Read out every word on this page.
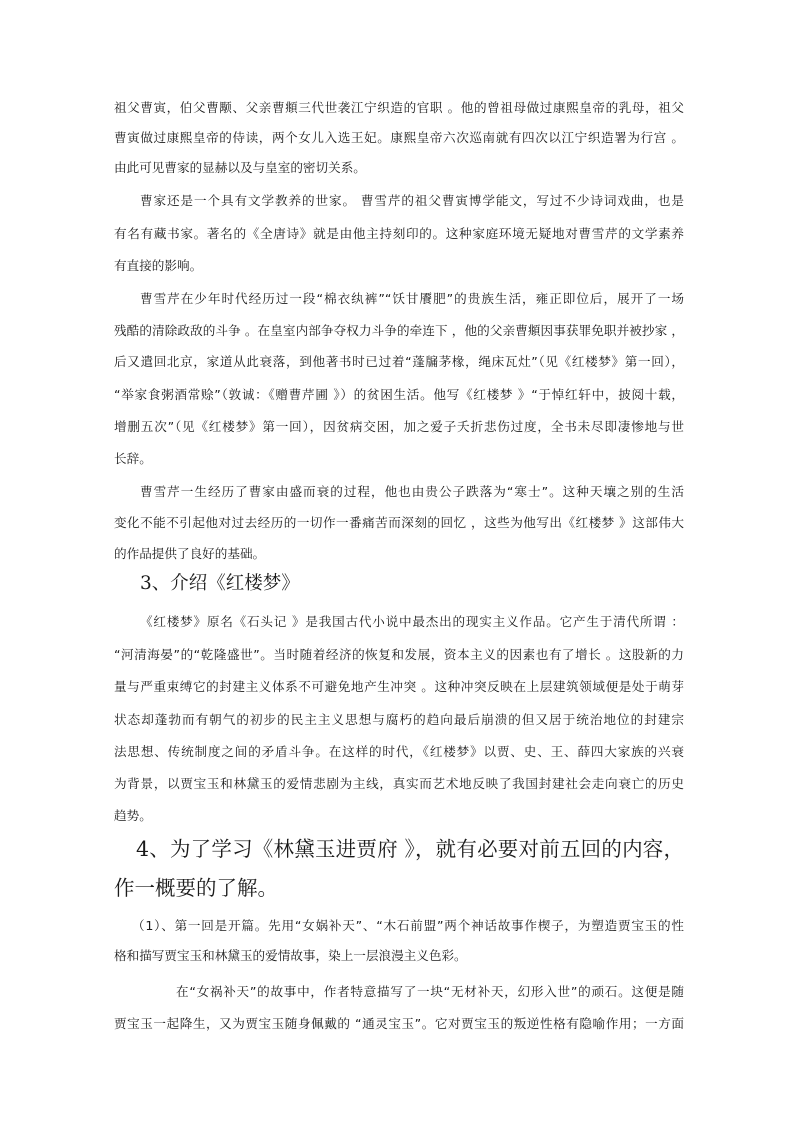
祖父曹寅，伯父曹颙、父亲曹頫三代世袭江宁织造的官职 。他的曾祖母做过康熙皇帝的乳母，祖父
曹寅做过康熙皇帝的侍读，两个女儿入选王妃。康熙皇帝六次巡南就有四次以江宁织造署为行宫 。
由此可见曹家的显赫以及与皇室的密切关系。
曹家还是一个具有文学教养的世家。 曹雪芹的祖父曹寅博学能文，写过不少诗词戏曲，也是
有名有藏书家。著名的《全唐诗》就是由他主持刻印的。这种家庭环境无疑地对曹雪芹的文学素养
有直接的影响。
曹雪芹在少年时代经历过一段“棉衣纨裤”“饫甘餍肥”的贵族生活，雍正即位后，展开了一场
残酷的清除政敌的斗争 。在皇室内部争夺权力斗争的牵连下 ，他的父亲曹頫因事获罪免职并被抄家 ，
后又遣回北京，家道从此衰落，到他著书时已过着“蓬牖茅椽，绳床瓦灶”（见《红楼梦》第一回），
“举家食粥酒常赊”（敦诚：《赠曹芹圃 》）的贫困生活。他写《红楼梦 》“于悼红轩中，披阅十载，
增删五次”（见《红楼梦》第一回），因贫病交困，加之爱子夭折悲伤过度，全书未尽即凄惨地与世
长辞。
曹雪芹一生经历了曹家由盛而衰的过程，他也由贵公子跌落为“寒士”。这种天壤之别的生活
变化不能不引起他对过去经历的一切作一番痛苦而深刻的回忆 ，这些为他写出《红楼梦 》这部伟大
的作品提供了良好的基础。
3、介绍《红楼梦》
《红楼梦》原名《石头记 》是我国古代小说中最杰出的现实主义作品。它产生于清代所谓 ：
“河清海晏”的“乾隆盛世”。当时随着经济的恢复和发展，资本主义的因素也有了增长 。这股新的力
量与严重束缚它的封建主义体系不可避免地产生冲突 。这种冲突反映在上层建筑领域便是处于萌芽
状态却蓬勃而有朝气的初步的民主主义思想与腐朽的趋向最后崩溃的但又居于统治地位的封建宗
法思想、传统制度之间的矛盾斗争。在这样的时代，《红楼梦》以贾、史、王、薛四大家族的兴衰
为背景，以贾宝玉和林黛玉的爱情悲剧为主线，真实而艺术地反映了我国封建社会走向衰亡的历史
趋势。
4、为了学习《林黛玉进贾府 》，就有必要对前五回的内容，
作一概要的了解。
（1）、第一回是开篇。先用“女娲补天”、“木石前盟”两个神话故事作楔子，为塑造贾宝玉的性
格和描写贾宝玉和林黛玉的爱情故事，染上一层浪漫主义色彩。
在“女祸补天”的故事中，作者特意描写了一块“无材补天，幻形入世”的顽石。这便是随
贾宝玉一起降生，又为贾宝玉随身佩戴的 “通灵宝玉”。它对贾宝玉的叛逆性格有隐喻作用；一方面
